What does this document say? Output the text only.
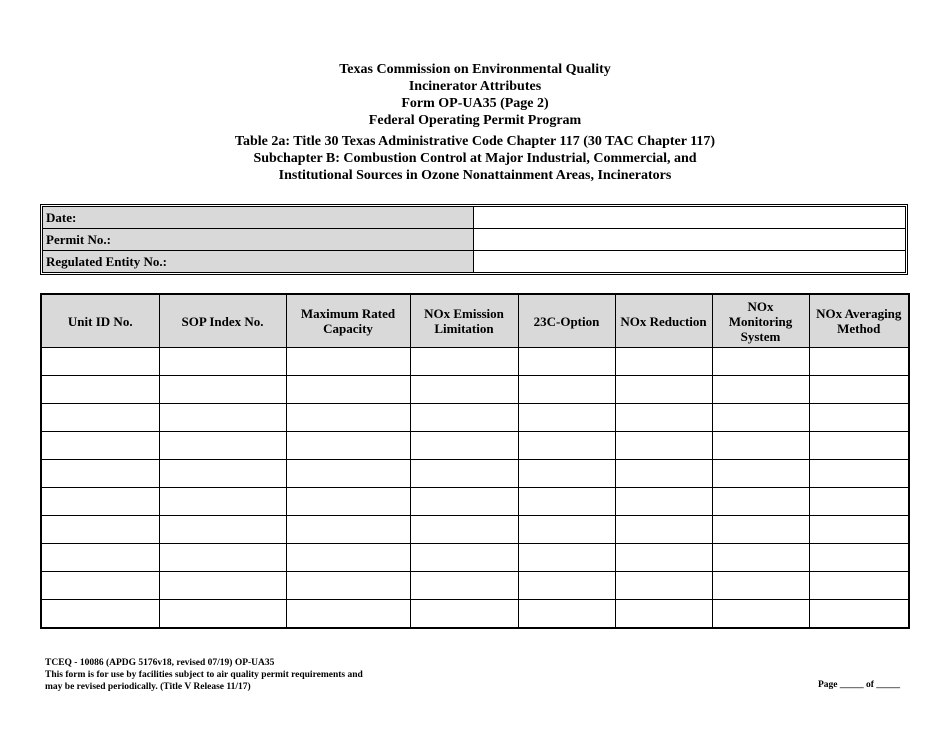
Texas Commission on Environmental Quality
Incinerator Attributes
Form OP-UA35 (Page 2)
Federal Operating Permit Program
Table 2a: Title 30 Texas Administrative Code Chapter 117 (30 TAC Chapter 117)
Subchapter B: Combustion Control at Major Industrial, Commercial, and
Institutional Sources in Ozone Nonattainment Areas, Incinerators
Date:	
Permit No.:	
Regulated Entity No.:	
Unit ID No.	SOP Index No.	Maximum Rated Capacity	NOx Emission Limitation	23C-Option	NOx Reduction	NOx Monitoring System	NOx Averaging Method

TCEQ - 10086 (APDG 5176v18, revised 07/19) OP-UA35
This form is for use by facilities subject to air quality permit requirements and
may be revised periodically. (Title V Release 11/17)	Page _____ of _____
